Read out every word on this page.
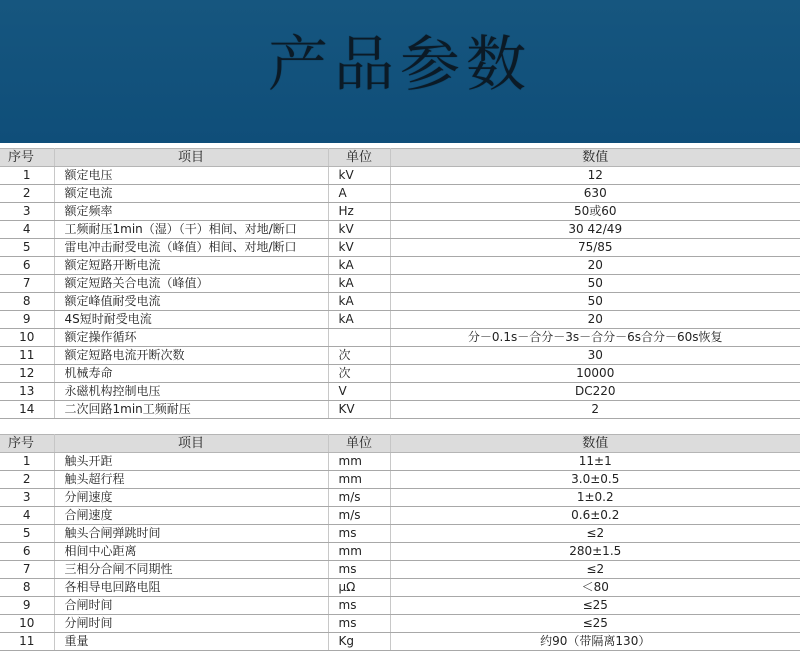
产品参数
序号	项目	单位	数值
1	额定电压	kV	12
2	额定电流	A	630
3	额定频率	Hz	50或60
4	工频耐压1min（湿）（干）相间、对地/断口	kV	30 42/49
5	雷电冲击耐受电流（峰值）相间、对地/断口	kV	75/85
6	额定短路开断电流	kA	20
7	额定短路关合电流（峰值）	kA	50
8	额定峰值耐受电流	kA	50
9	4S短时耐受电流	kA	20
10	额定操作循环		分－0.1s－合分－3s－合分－6s合分－60s恢复
11	额定短路电流开断次数	次	30
12	机械寿命	次	10000
13	永磁机构控制电压	V	DC220
14	二次回路1min工频耐压	KV	2
序号	项目	单位	数值
1	触头开距	mm	11±1
2	触头超行程	mm	3.0±0.5
3	分闸速度	m/s	1±0.2
4	合闸速度	m/s	0.6±0.2
5	触头合闸弹跳时间	ms	≤2
6	相间中心距离	mm	280±1.5
7	三相分合闸不同期性	ms	≤2
8	各相导电回路电阻	μΩ	＜80
9	合闸时间	ms	≤25
10	分闸时间	ms	≤25
11	重量	Kg	约90（带隔离130）
